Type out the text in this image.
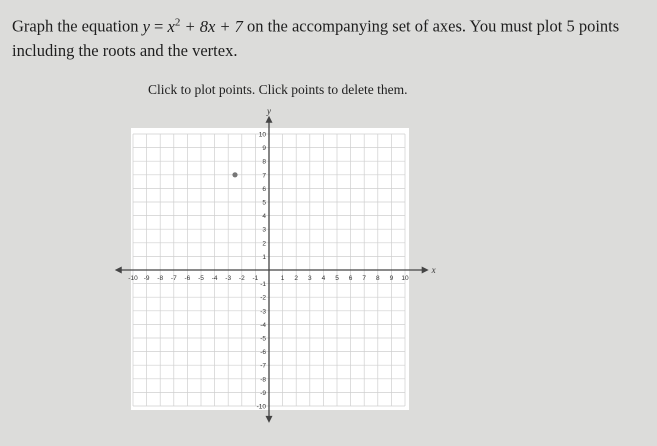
Graph the equation $y = x^2 + 8x + 7$ on the accompanying set of axes. You must plot 5 points including the roots and the vertex.
Click to plot points. Click points to delete them.
-10 -9 -8 -7 -6 -5 -4 -3 -2 -1	1 2 3 4 5 6 7 8 9 10
10
9
8
7
6
5
4
3
2
1
-1
-2
-3
-4
-5
-6
-7
-8
-9
-10
x
y
